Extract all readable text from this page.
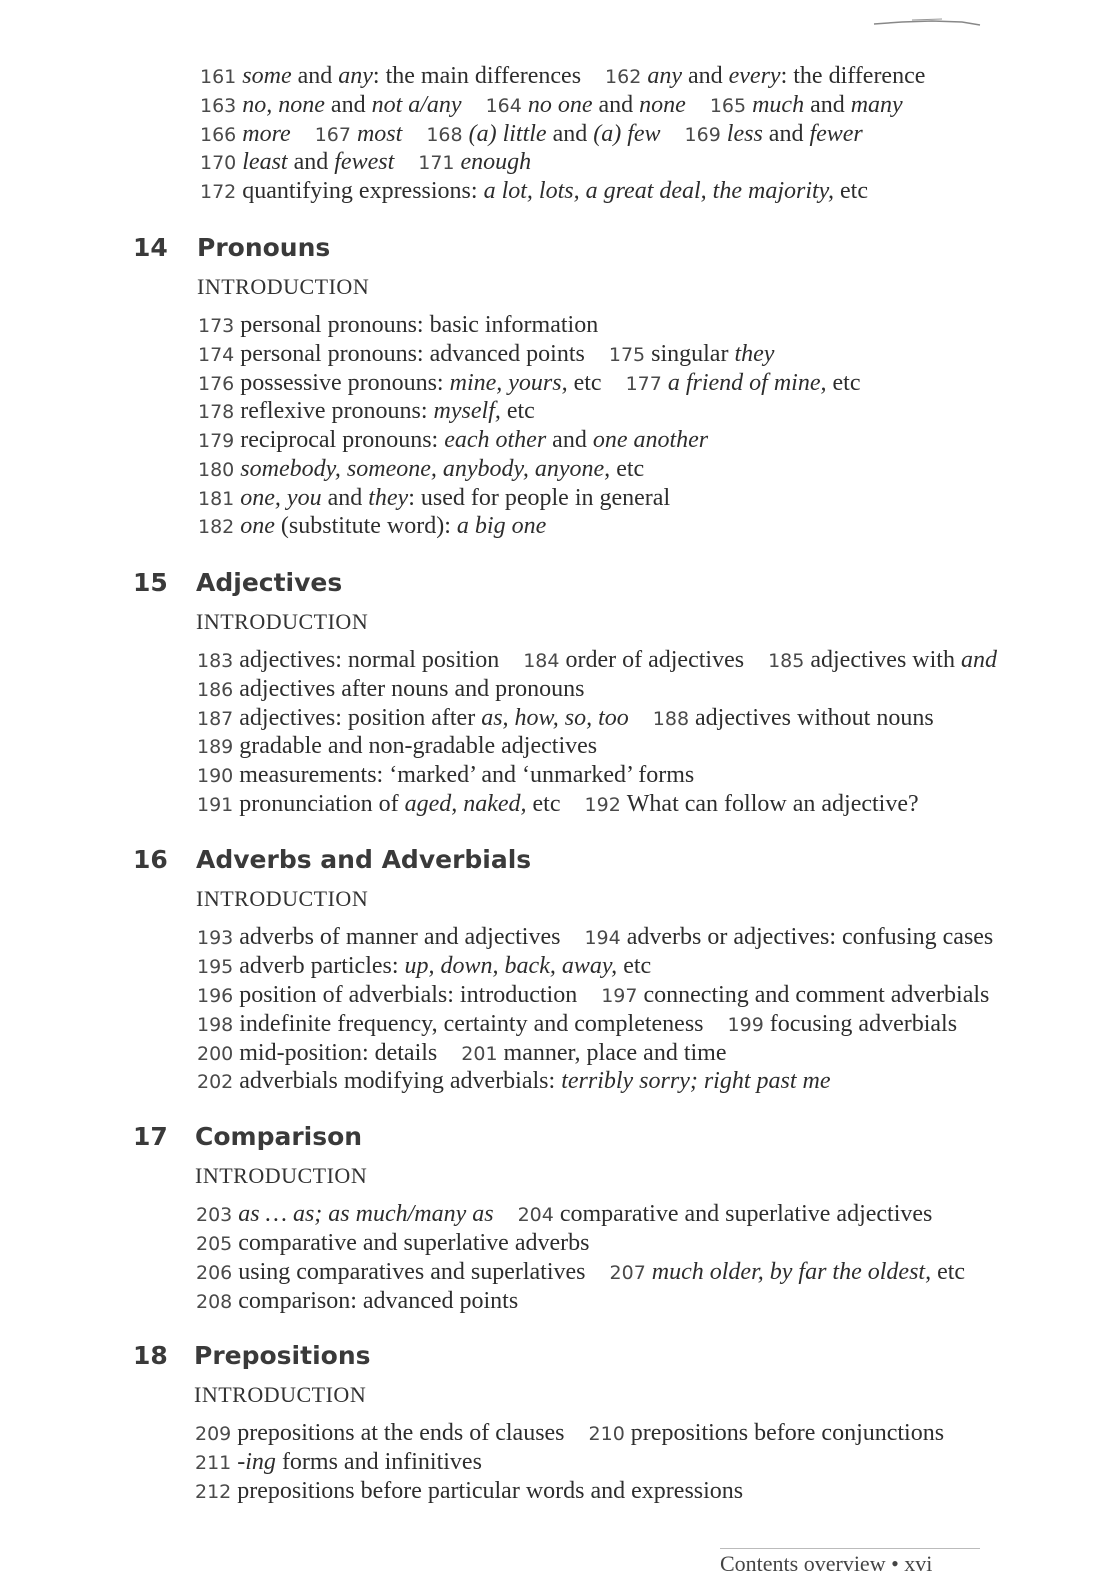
161 some and any: the main differences 162 any and every: the difference
163 no, none and not a/any 164 no one and none 165 much and many
166 more 167 most 168 (a) little and (a) few 169 less and fewer
170 least and fewest 171 enough
172 quantifying expressions: a lot, lots, a great deal, the majority, etc
14 Pronouns
INTRODUCTION
173 personal pronouns: basic information
174 personal pronouns: advanced points 175 singular they
176 possessive pronouns: mine, yours, etc 177 a friend of mine, etc
178 reflexive pronouns: myself, etc
179 reciprocal pronouns: each other and one another
180 somebody, someone, anybody, anyone, etc
181 one, you and they: used for people in general
182 one (substitute word): a big one
15 Adjectives
INTRODUCTION
183 adjectives: normal position 184 order of adjectives 185 adjectives with and
186 adjectives after nouns and pronouns
187 adjectives: position after as, how, so, too 188 adjectives without nouns
189 gradable and non-gradable adjectives
190 measurements: ‘marked’ and ‘unmarked’ forms
191 pronunciation of aged, naked, etc 192 What can follow an adjective?
16 Adverbs and Adverbials
INTRODUCTION
193 adverbs of manner and adjectives 194 adverbs or adjectives: confusing cases
195 adverb particles: up, down, back, away, etc
196 position of adverbials: introduction 197 connecting and comment adverbials
198 indefinite frequency, certainty and completeness 199 focusing adverbials
200 mid-position: details 201 manner, place and time
202 adverbials modifying adverbials: terribly sorry; right past me
17 Comparison
INTRODUCTION
203 as … as; as much/many as 204 comparative and superlative adjectives
205 comparative and superlative adverbs
206 using comparatives and superlatives 207 much older, by far the oldest, etc
208 comparison: advanced points
18 Prepositions
INTRODUCTION
209 prepositions at the ends of clauses 210 prepositions before conjunctions
211 -ing forms and infinitives
212 prepositions before particular words and expressions
Contents overview • xvi
